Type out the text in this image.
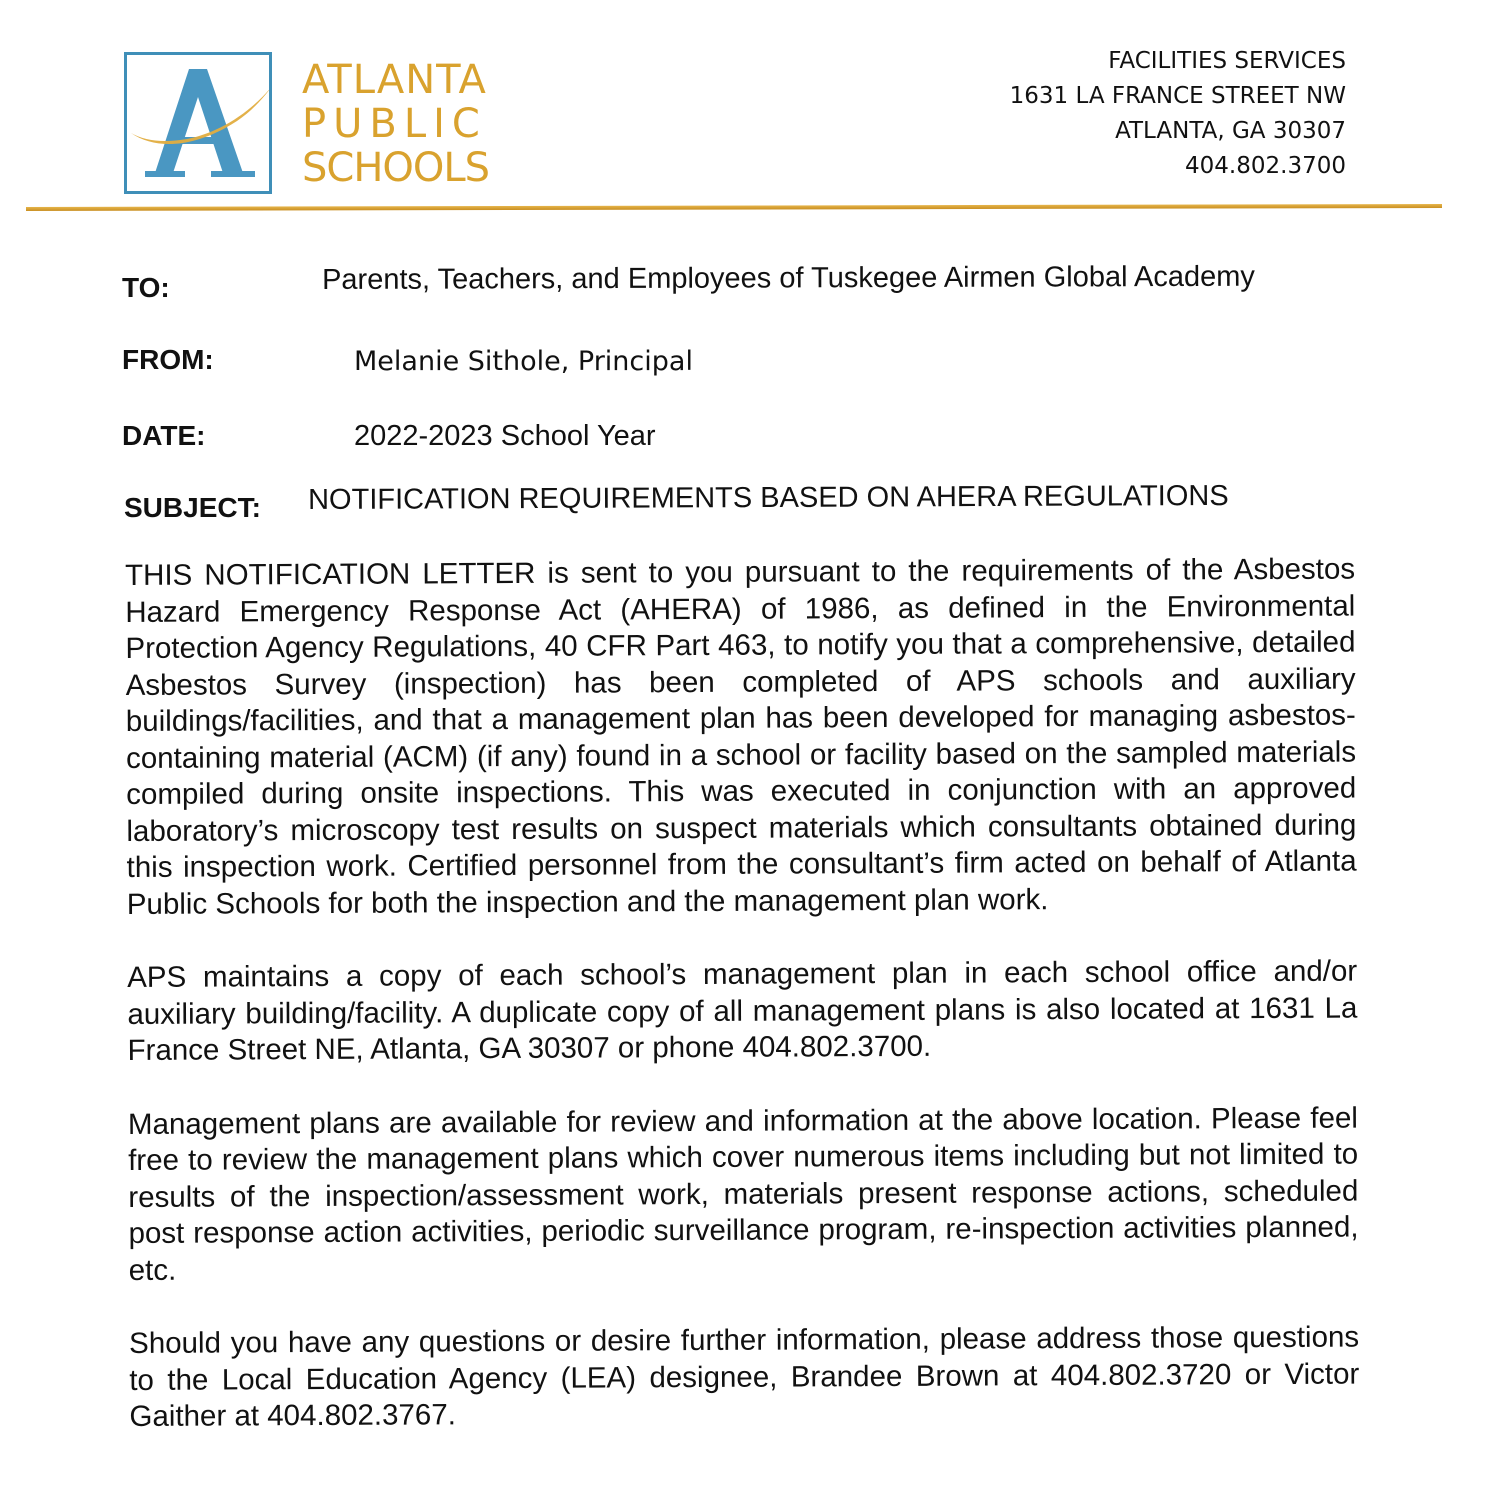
ATLANTA
PUBLIC
SCHOOLS
FACILITIES SERVICES
1631 LA FRANCE STREET NW
ATLANTA, GA 30307
404.802.3700
TO:	Parents, Teachers, and Employees of Tuskegee Airmen Global Academy
FROM:	Melanie Sithole, Principal
DATE:	2022-2023 School Year
SUBJECT: NOTIFICATION REQUIREMENTS BASED ON AHERA REGULATIONS

THIS NOTIFICATION LETTER is sent to you pursuant to the requirements of the Asbestos Hazard Emergency Response Act (AHERA) of 1986, as defined in the Environmental Protection Agency Regulations, 40 CFR Part 463, to notify you that a comprehensive, detailed Asbestos Survey (inspection) has been completed of APS schools and auxiliary buildings/facilities, and that a management plan has been developed for managing asbestos-containing material (ACM) (if any) found in a school or facility based on the sampled materials compiled during onsite inspections. This was executed in conjunction with an approved laboratory’s microscopy test results on suspect materials which consultants obtained during this inspection work. Certified personnel from the consultant’s firm acted on behalf of Atlanta Public Schools for both the inspection and the management plan work.

APS maintains a copy of each school’s management plan in each school office and/or auxiliary building/facility. A duplicate copy of all management plans is also located at 1631 La France Street NE, Atlanta, GA 30307 or phone 404.802.3700.

Management plans are available for review and information at the above location. Please feel free to review the management plans which cover numerous items including but not limited to results of the inspection/assessment work, materials present response actions, scheduled post response action activities, periodic surveillance program, re-inspection activities planned, etc.

Should you have any questions or desire further information, please address those questions to the Local Education Agency (LEA) designee, Brandee Brown at 404.802.3720 or Victor Gaither at 404.802.3767.
